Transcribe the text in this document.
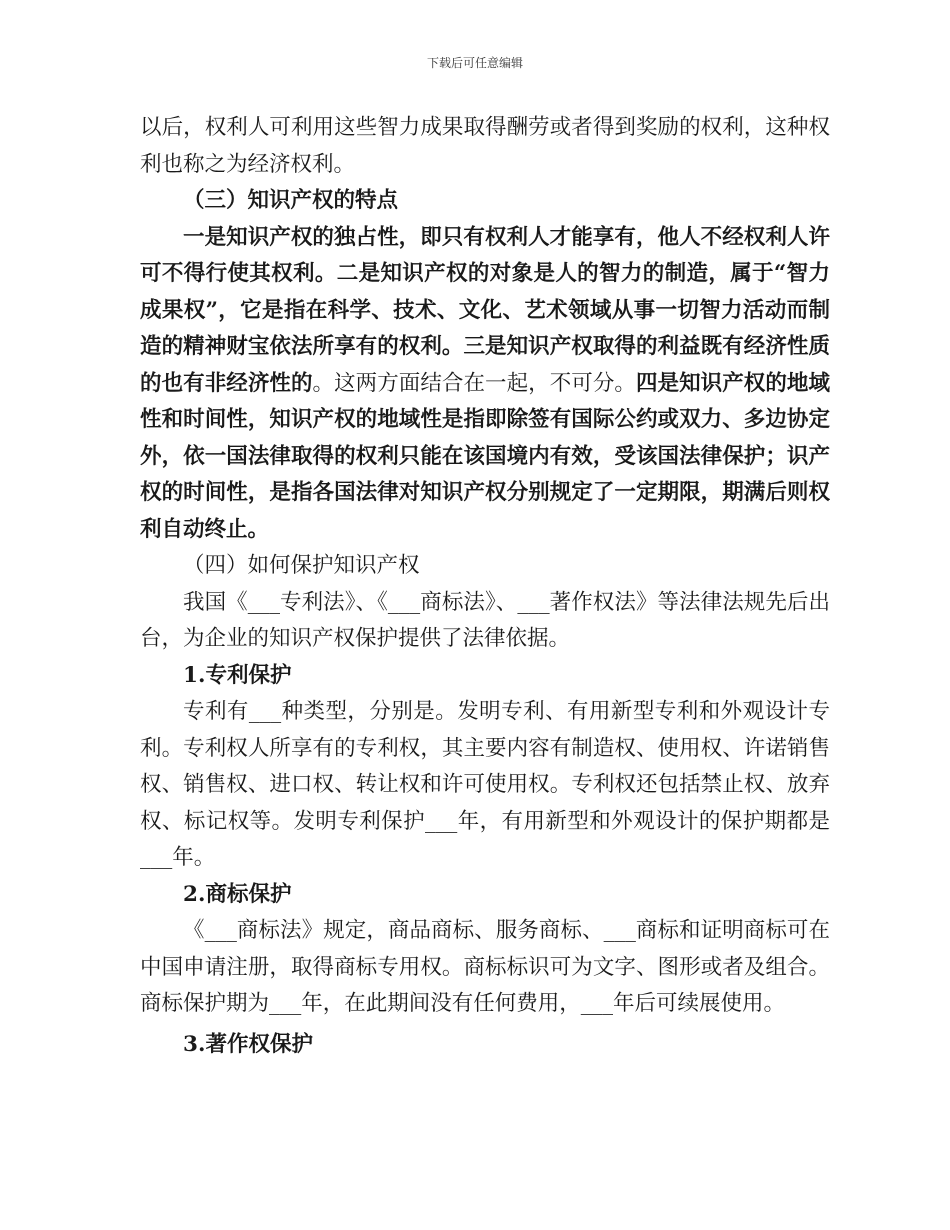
下载后可任意编辑

以后，权利人可利用这些智力成果取得酬劳或者得到奖励的权利，这种权利也称之为经济权利。

（三）知识产权的特点

一是知识产权的独占性，即只有权利人才能享有，他人不经权利人许可不得行使其权利。二是知识产权的对象是人的智力的制造，属于“智力成果权”，它是指在科学、技术、文化、艺术领域从事一切智力活动而制造的精神财宝依法所享有的权利。三是知识产权取得的利益既有经济性质的也有非经济性的。这两方面结合在一起，不可分。四是知识产权的地域性和时间性，知识产权的地域性是指即除签有国际公约或双力、多边协定外，依一国法律取得的权利只能在该国境内有效，受该国法律保护；识产权的时间性，是指各国法律对知识产权分别规定了一定期限，期满后则权利自动终止。

（四）如何保护知识产权

我国《___专利法》、《___商标法》、___著作权法》等法律法规先后出台，为企业的知识产权保护提供了法律依据。

1.专利保护

专利有___种类型，分别是。发明专利、有用新型专利和外观设计专利。专利权人所享有的专利权，其主要内容有制造权、使用权、许诺销售权、销售权、进口权、转让权和许可使用权。专利权还包括禁止权、放弃权、标记权等。发明专利保护___年，有用新型和外观设计的保护期都是___年。

2.商标保护

《___商标法》规定，商品商标、服务商标、___商标和证明商标可在中国申请注册，取得商标专用权。商标标识可为文字、图形或者及组合。商标保护期为___年，在此期间没有任何费用，___年后可续展使用。

3.著作权保护
